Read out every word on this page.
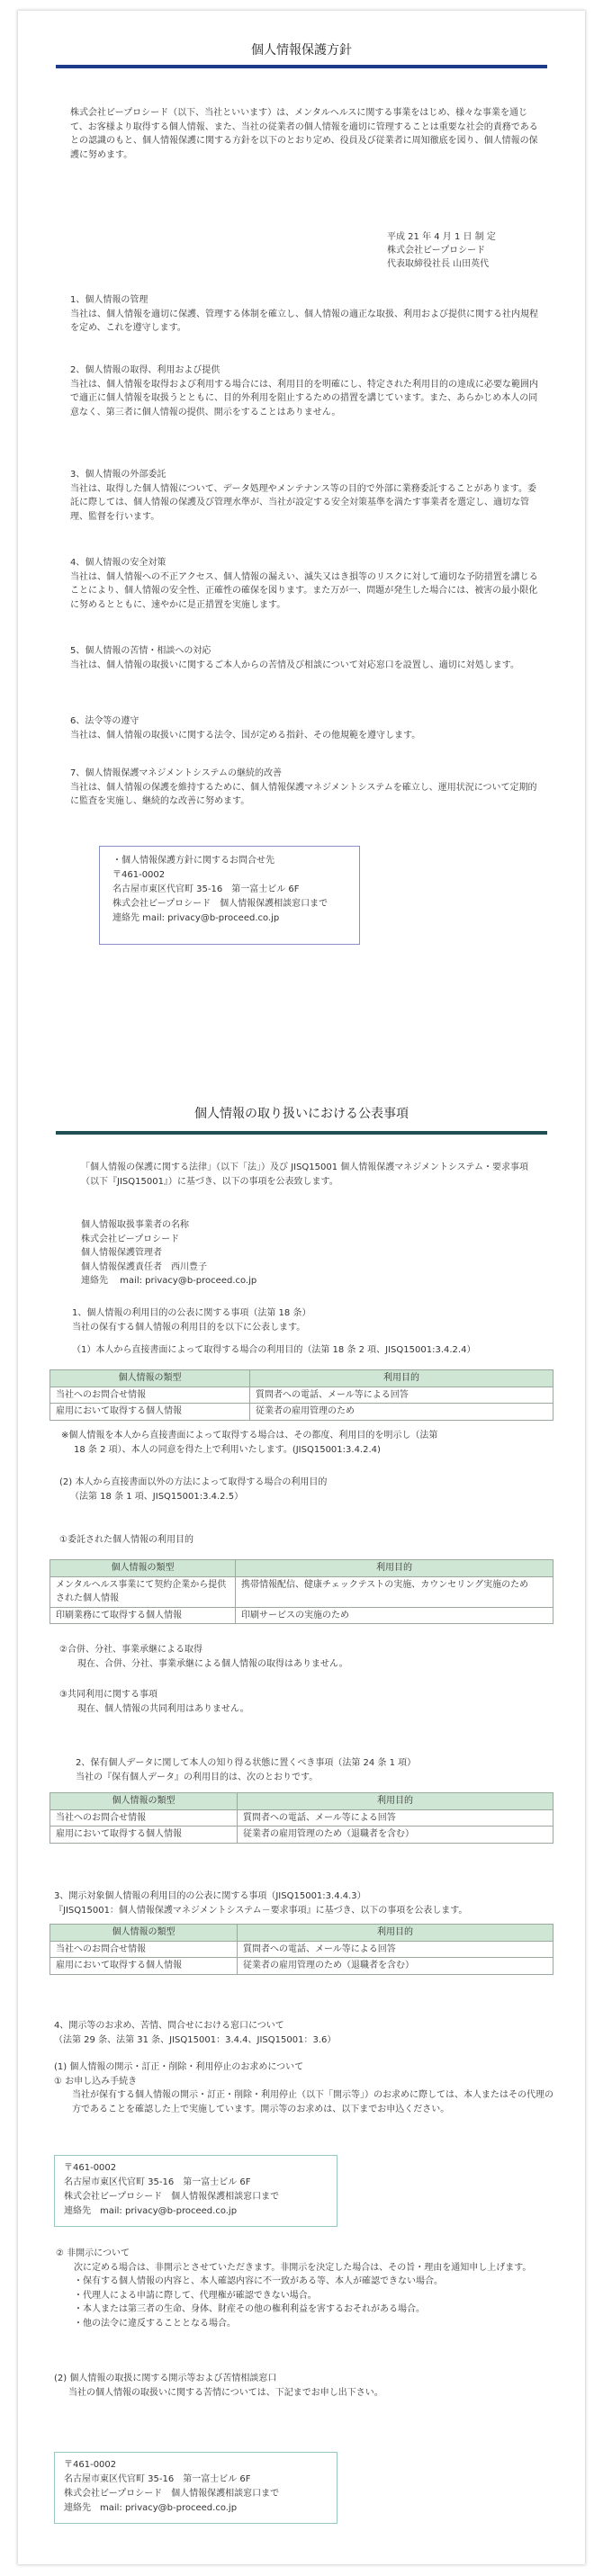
個人情報保護方針

株式会社ビープロシード（以下、当社といいます）は、メンタルヘルスに関する事業をはじめ、様々な事業を通じて、お客様より取得する個人情報、また、当社の従業者の個人情報を適切に管理することは重要な社会的責務であるとの認識のもと、個人情報保護に関する方針を以下のとおり定め、役員及び従業者に周知徹底を図り、個人情報の保護に努めます。

平成 21 年 4 月 1 日 制 定
株式会社ビープロシード
代表取締役社長 山田英代
1、個人情報の管理

当社は、個人情報を適切に保護、管理する体制を確立し、個人情報の適正な取扱、利用および提供に関する社内規程を定め、これを遵守します。

2、個人情報の取得、利用および提供

当社は、個人情報を取得および利用する場合には、利用目的を明確にし、特定された利用目的の達成に必要な範囲内で適正に個人情報を取扱うとともに、目的外利用を阻止するための措置を講じています。また、あらかじめ本人の同意なく、第三者に個人情報の提供、開示をすることはありません。

3、個人情報の外部委託

当社は、取得した個人情報について、データ処理やメンテナンス等の目的で外部に業務委託することがあります。委託に際しては、個人情報の保護及び管理水準が、当社が設定する安全対策基準を満たす事業者を選定し、適切な管理、監督を行います。

4、個人情報の安全対策

当社は、個人情報への不正アクセス、個人情報の漏えい、滅失又はき損等のリスクに対して適切な予防措置を講じることにより、個人情報の安全性、正確性の確保を図ります。また万が一、問題が発生した場合には、被害の最小限化に努めるとともに、速やかに是正措置を実施します。

5、個人情報の苦情・相談への対応

当社は、個人情報の取扱いに関するご本人からの苦情及び相談について対応窓口を設置し、適切に対処します。

6、法令等の遵守

当社は、個人情報の取扱いに関する法令、国が定める指針、その他規範を遵守します。

7、個人情報保護マネジメントシステムの継続的改善

当社は、個人情報の保護を維持するために、個人情報保護マネジメントシステムを確立し、運用状況について定期的に監査を実施し、継続的な改善に努めます。

・個人情報保護方針に関するお問合せ先
〒461-0002
名古屋市東区代官町 35-16　第一富士ビル 6F
株式会社ビープロシード　個人情報保護相談窓口まで
連絡先 mail: privacy@b-proceed.co.jp
個人情報の取り扱いにおける公表事項

「個人情報の保護に関する法律」（以下「法」）及び JISQ15001 個人情報保護マネジメントシステム・要求事項（以下『JISQ15001』）に基づき、以下の事項を公表致します。

個人情報取扱事業者の名称
株式会社ビープロシード
個人情報保護管理者
個人情報保護責任者　西川豊子
連絡先　 mail: privacy@b-proceed.co.jp
1、個人情報の利用目的の公表に関する事項（法第 18 条）
当社の保有する個人情報の利用目的を以下に公表します。
（1）本人から直接書面によって取得する場合の利用目的（法第 18 条 2 項、JISQ15001:3.4.2.4）
個人情報の類型	利用目的
当社へのお問合せ情報	質問者への電話、メール等による回答
雇用において取得する個人情報	従業者の雇用管理のため
※個人情報を本人から直接書面によって取得する場合は、その都度、利用目的を明示し（法第
18 条 2 項）、本人の同意を得た上で利用いたします。(JISQ15001:3.4.2.4)
(2) 本人から直接書面以外の方法によって取得する場合の利用目的
（法第 18 条 1 項、JISQ15001:3.4.2.5）
①委託された個人情報の利用目的
個人情報の類型	利用目的
メンタルヘルス事業にて契約企業から提供された個人情報	携帯情報配信、健康チェックテストの実施、カウンセリング実施のため
印刷業務にて取得する個人情報	印刷サービスの実施のため
②合併、分社、事業承継による取得
現在、合併、分社、事業承継による個人情報の取得はありません。
③共同利用に関する事項
現在、個人情報の共同利用はありません。
2、保有個人データに関して本人の知り得る状態に置くべき事項（法第 24 条 1 項）
当社の『保有個人データ』の利用目的は、次のとおりです。
個人情報の類型	利用目的
当社へのお問合せ情報	質問者への電話、メール等による回答
雇用において取得する個人情報	従業者の雇用管理のため（退職者を含む）
3、開示対象個人情報の利用目的の公表に関する事項（JISQ15001:3.4.4.3）
『JISQ15001：個人情報保護マネジメントシステム－要求事項』に基づき、以下の事項を公表します。
個人情報の類型	利用目的
当社へのお問合せ情報	質問者への電話、メール等による回答
雇用において取得する個人情報	従業者の雇用管理のため（退職者を含む）
4、開示等のお求め、苦情、問合せにおける窓口について
（法第 29 条、法第 31 条、JISQ15001：3.4.4、JISQ15001：3.6）
(1) 個人情報の開示・訂正・削除・利用停止のお求めについて
① お申し込み手続き

当社が保有する個人情報の開示・訂正・削除・利用停止（以下「開示等」）のお求めに際しては、本人またはその代理の方であることを確認した上で実施しています。開示等のお求めは、以下までお申込ください。

〒461-0002
名古屋市東区代官町 35-16　第一富士ビル 6F
株式会社ビープロシード　個人情報保護相談窓口まで
連絡先　mail: privacy@b-proceed.co.jp
② 非開示について

次に定める場合は、非開示とさせていただきます。非開示を決定した場合は、その旨・理由を通知申し上げます。

・保有する個人情報の内容と、本人確認内容に不一致がある等、本人が確認できない場合。
・代理人による申請に際して、代理権が確認できない場合。
・本人または第三者の生命、身体、財産その他の権利利益を害するおそれがある場合。
・他の法令に違反することとなる場合。
(2) 個人情報の取扱に関する開示等および苦情相談窓口
当社の個人情報の取扱いに関する苦情については、下記までお申し出下さい。
〒461-0002
名古屋市東区代官町 35-16　第一富士ビル 6F
株式会社ビープロシード　個人情報保護相談窓口まで
連絡先　mail: privacy@b-proceed.co.jp
